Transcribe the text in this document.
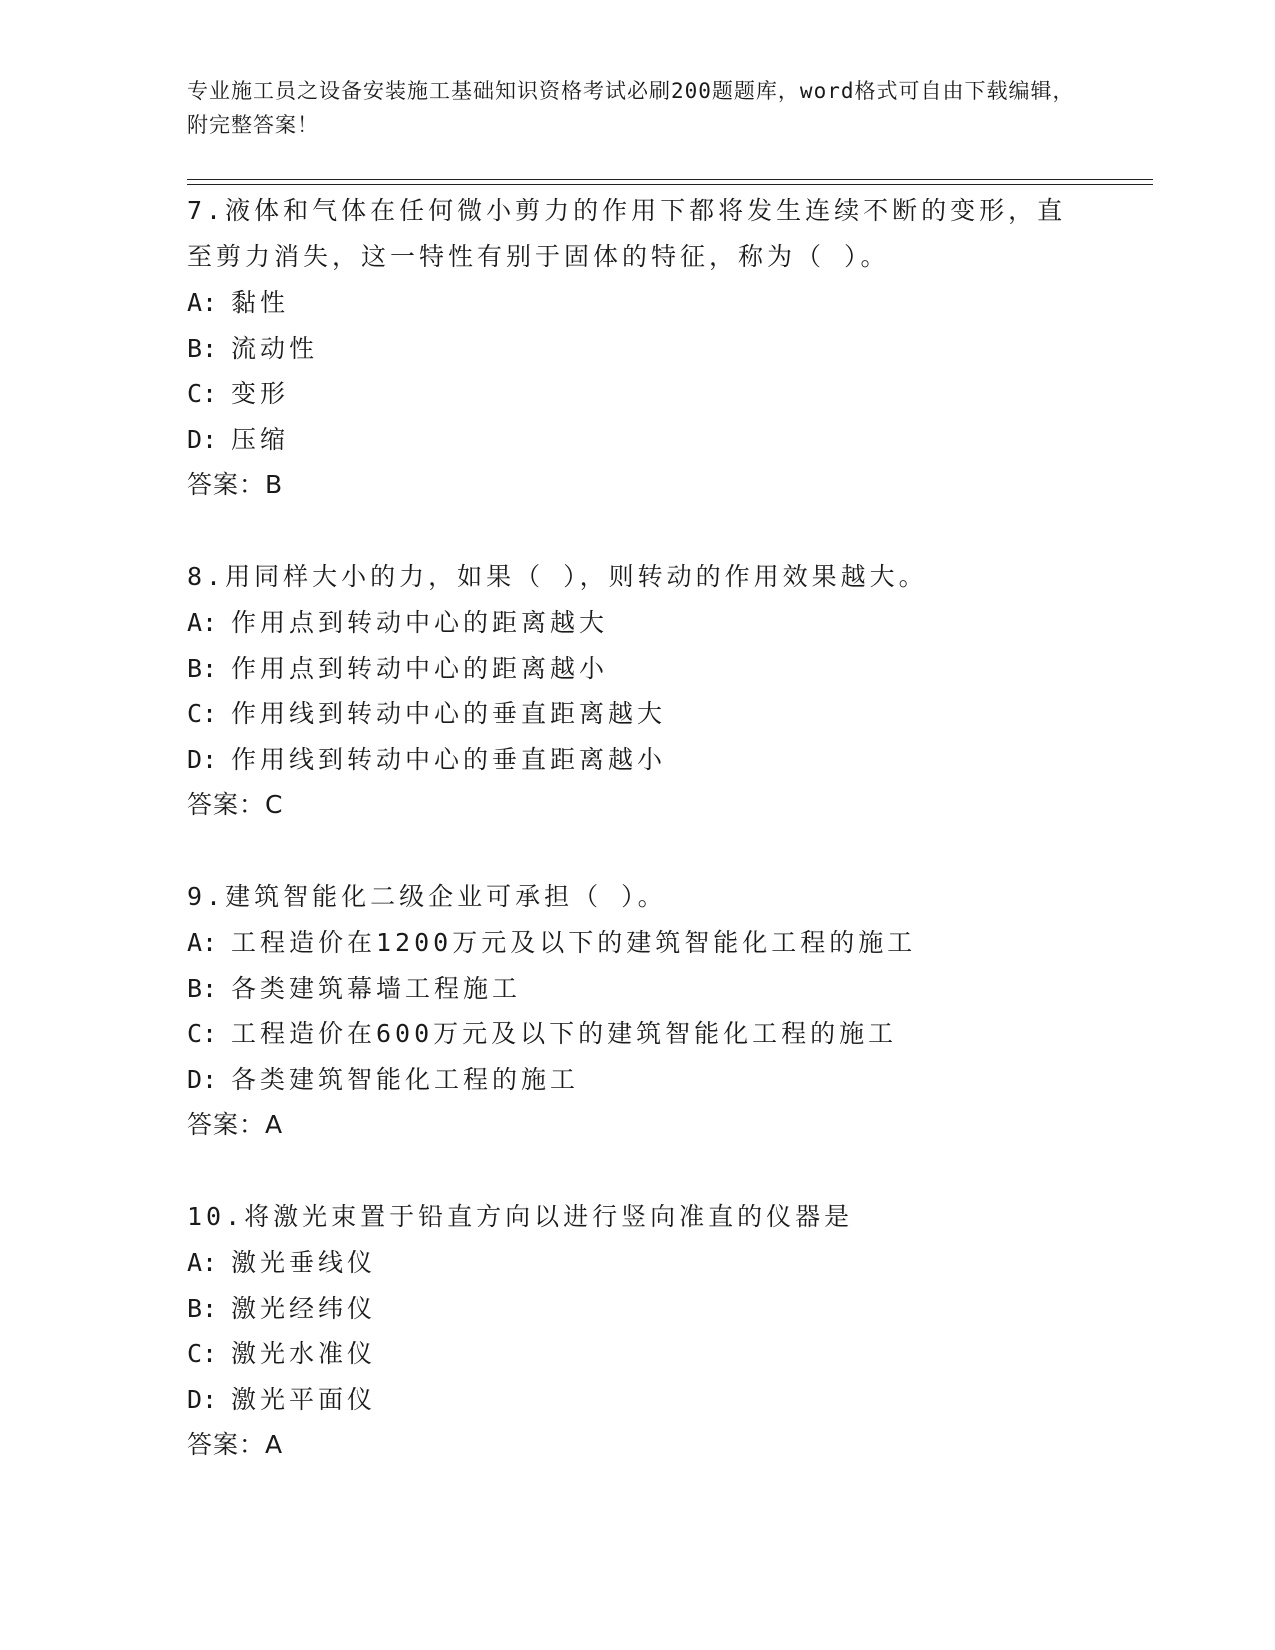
专业施工员之设备安装施工基础知识资格考试必刷200题题库，word格式可自由下载编辑，附完整答案！

7.液体和气体在任何微小剪力的作用下都将发生连续不断的变形，直至剪力消失，这一特性有别于固体的特征，称为（ ）。

A: 黏性
B: 流动性
C: 变形
D: 压缩
答案：B

8.用同样大小的力，如果（ ），则转动的作用效果越大。

A: 作用点到转动中心的距离越大
B: 作用点到转动中心的距离越小
C: 作用线到转动中心的垂直距离越大
D: 作用线到转动中心的垂直距离越小
答案：C

9.建筑智能化二级企业可承担（ ）。

A: 工程造价在1200万元及以下的建筑智能化工程的施工
B: 各类建筑幕墙工程施工
C: 工程造价在600万元及以下的建筑智能化工程的施工
D: 各类建筑智能化工程的施工
答案：A

10.将激光束置于铅直方向以进行竖向准直的仪器是

A: 激光垂线仪
B: 激光经纬仪
C: 激光水准仪
D: 激光平面仪
答案：A
